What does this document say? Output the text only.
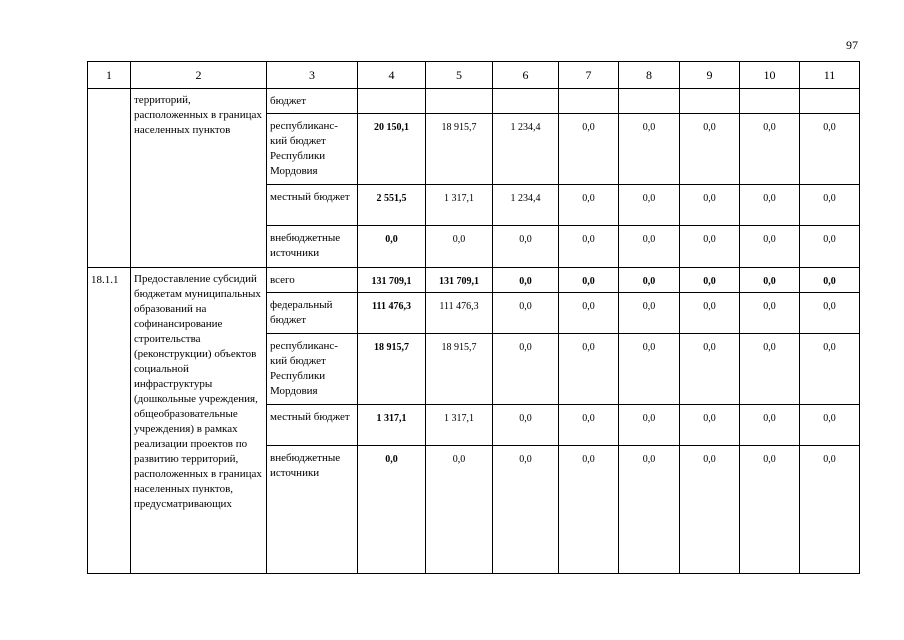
97
1	2	3	4	5	6	7	8	9	10	11
	территорий, расположенных в границах населенных пунктов	бюджет								
		республиканс-кий бюджет Республики Мордовия	20 150,1	18 915,7	1 234,4	0,0	0,0	0,0	0,0	0,0
		местный бюджет	2 551,5	1 317,1	1 234,4	0,0	0,0	0,0	0,0	0,0
		внебюджетные источники	0,0	0,0	0,0	0,0	0,0	0,0	0,0	0,0
18.1.1	Предоставление субсидий бюджетам муниципальных образований на софинансирование строительства (реконструкции) объектов социальной инфраструктуры (дошкольные учреждения, общеобразовательные учреждения) в рамках реализации проектов по развитию территорий, расположенных в границах населенных пунктов, предусматривающих	всего	131 709,1	131 709,1	0,0	0,0	0,0	0,0	0,0	0,0
		федеральный бюджет	111 476,3	111 476,3	0,0	0,0	0,0	0,0	0,0	0,0
		республиканс-кий бюджет Республики Мордовия	18 915,7	18 915,7	0,0	0,0	0,0	0,0	0,0	0,0
		местный бюджет	1 317,1	1 317,1	0,0	0,0	0,0	0,0	0,0	0,0
		внебюджетные источники	0,0	0,0	0,0	0,0	0,0	0,0	0,0	0,0
